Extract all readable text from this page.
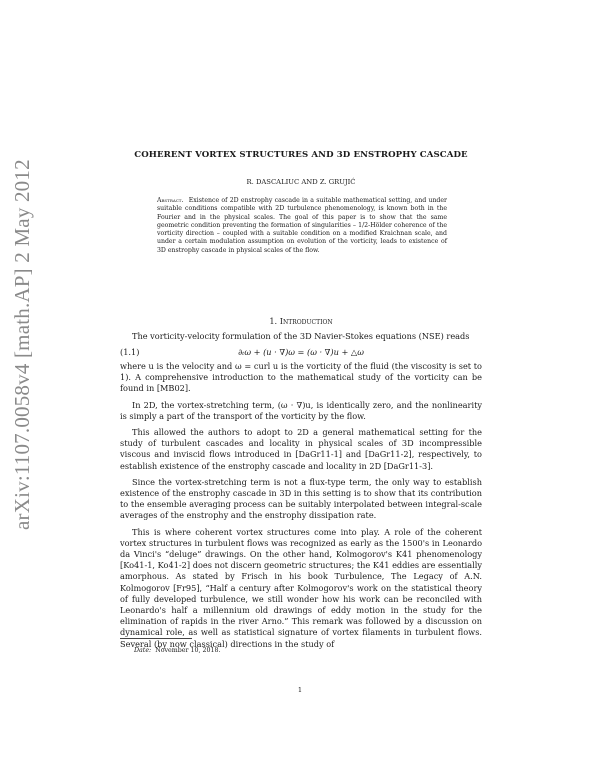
arXiv:1107.0058v4 [math.AP] 2 May 2012
COHERENT VORTEX STRUCTURES AND 3D ENSTROPHY CASCADE
R. DASCALIUC AND Z. GRUJIĆ
Abstract. Existence of 2D enstrophy cascade in a suitable mathematical setting, and under suitable conditions compatible with 2D turbulence phenomenology, is known both in the Fourier and in the physical scales. The goal of this paper is to show that the same geometric condition preventing the formation of singularities – 1/2-Hölder coherence of the vorticity direction – coupled with a suitable condition on a modified Kraichnan scale, and under a certain modulation assumption on evolution of the vorticity, leads to existence of 3D enstrophy cascade in physical scales of the flow.
1. Introduction

The vorticity-velocity formulation of the 3D Navier-Stokes equations (NSE) reads

(1.1)	∂ₜω + (u · ∇)ω = (ω · ∇)u + △ω

where u is the velocity and ω = curl u is the vorticity of the fluid (the viscosity is set to 1). A comprehensive introduction to the mathematical study of the vorticity can be found in [MB02].

In 2D, the vortex-stretching term, (ω · ∇)u, is identically zero, and the nonlinearity is simply a part of the transport of the vorticity by the flow.

This allowed the authors to adopt to 2D a general mathematical setting for the study of turbulent cascades and locality in physical scales of 3D incompressible viscous and inviscid flows introduced in [DaGr11-1] and [DaGr11-2], respectively, to establish existence of the enstrophy cascade and locality in 2D [DaGr11-3].

Since the vortex-stretching term is not a flux-type term, the only way to establish existence of the enstrophy cascade in 3D in this setting is to show that its contribution to the ensemble averaging process can be suitably interpolated between integral-scale averages of the enstrophy and the enstrophy dissipation rate.

This is where coherent vortex structures come into play. A role of the coherent vortex structures in turbulent flows was recognized as early as the 1500's in Leonardo da Vinci's “deluge” drawings. On the other hand, Kolmogorov's K41 phenomenology [Ko41-1, Ko41-2] does not discern geometric structures; the K41 eddies are essentially amorphous. As stated by Frisch in his book Turbulence, The Legacy of A.N. Kolmogorov [Fr95], “Half a century after Kolmogorov's work on the statistical theory of fully developed turbulence, we still wonder how his work can be reconciled with Leonardo's half a millennium old drawings of eddy motion in the study for the elimination of rapids in the river Arno.” This remark was followed by a discussion on dynamical role, as well as statistical signature of vortex filaments in turbulent flows. Several (by now classical) directions in the study of

Date: November 10, 2018.
1
